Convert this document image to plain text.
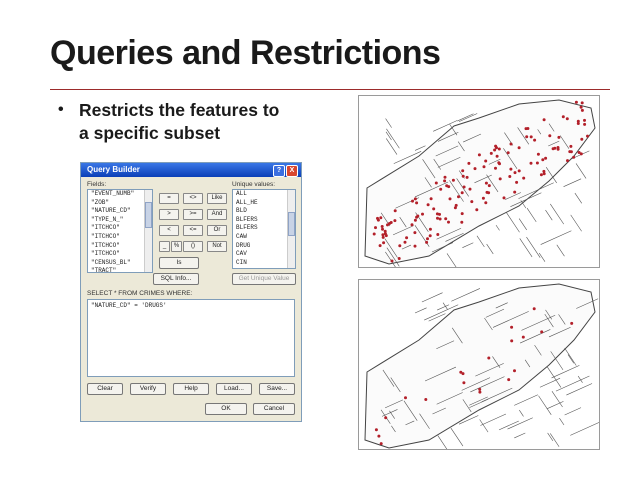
Queries and Restrictions
• Restricts the features to
a specific subset
Query Builder	?	X
Fields:
"EVENT_NUMB"
"ZOB"
"NATURE_CD"
"TYPE_N_"
"ITCHCO"
"ITCHCO"
"ITCHCO"
"ITCHCO"
"CENSUS_BL"
"TRACT"
Unique values:
ALL
ALL_HE
BLD
BLFERS
BLFERS
CAW
DRUG
CAV
CIN
SQL Info...	Get Unique Value
SELECT * FROM CRIMES WHERE:
"NATURE_CD" = 'DRUGS'
Clear	Verify	Help	Load...	Save...
OK	Cancel
=	<>	Like
>	>=	And
<	<=	Or
_	%	()	Not
Is
